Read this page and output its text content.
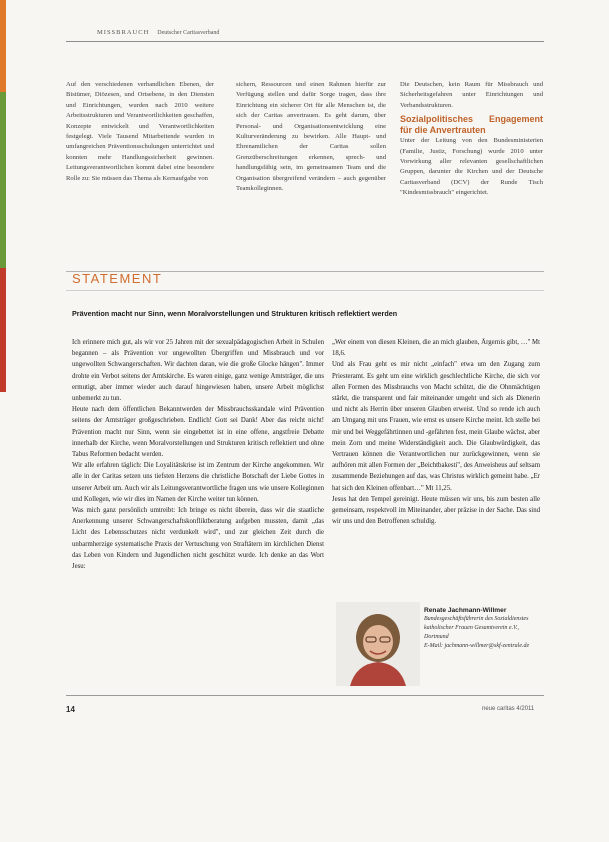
MISSBRAUCH Deutscher Caritasverband

Auf den verschiedenen verbandlichen Ebenen, der Bistümer, Diözesen, und Ortsebene, in den Diensten und Einrichtungen, wurden nach 2010 weitere Arbeitsstrukturen und Verantwortlichkeiten geschaffen, Konzepte entwickelt und Verantwortlichkeiten festgelegt. Viele Tausend Mitarbeitende wurden in umfangreichen Präventionsschulungen unterrichtet und konnten mehr Handlungssicherheit gewinnen. Leitungsverantwortlichen kommt dabei eine besondere Rolle zu: Sie müssen das Thema als Kernaufgabe von

sichern, Ressourcen und einen Rahmen hierfür zur Verfügung stellen und dafür Sorge tragen, dass ihre Einrichtung ein sicherer Ort für alle Menschen ist, die sich der Caritas anvertrauen. Es geht darum, über Personal- und Organisationsentwicklung eine Kulturveränderung zu bewirken. Alle Haupt- und Ehrenamtlichen der Caritas sollen Grenzüberschreitungen erkennen, sprech- und handlungsfähig sein, im gemeinsamen Team und die Organisation übergreifend verändern – auch gegenüber Teamkolleginnen.

Die Deutschen, kein Raum für Missbrauch und Sicherheitsgefahren unter Einrichtungen und Verbandsstrukturen.

Sozialpolitisches Engagement für die Anvertrauten

Unter der Leitung von den Bundesministerien (Familie, Justiz, Forschung) wurde 2010 unter Vorwirkung aller relevanten gesellschaftlichen Gruppen, darunter die Kirchen und der Deutsche Caritasverband (DCV) der Runde Tisch "Kindesmissbrauch" eingerichtet.

STATEMENT
Prävention macht nur Sinn, wenn Moralvorstellungen und Strukturen kritisch reflektiert werden

Ich erinnere mich gut, als wir vor 25 Jahren mit der sexualpädagogischen Arbeit in Schulen begannen – als Prävention vor ungewollten Übergriffen und Missbrauch und vor ungewollten Schwangerschaften. Wir dachten daran, wie die große Glocke hängen". Immer drohte ein Verbot seitens der Amtskirche. Es waren einige, ganz wenige Amtsträger, die uns ermutigt, aber immer wieder auch darauf hingewiesen haben, unsere Arbeit möglichst unbemerkt zu tun.

Heute nach dem öffentlichen Bekanntwerden der Missbrauchsskandale wird Prävention seitens der Amtsträger großgeschrieben. Endlich! Gott sei Dank! Aber das reicht nicht! Prävention macht nur Sinn, wenn sie eingebettet ist in eine offene, angstfreie Debatte innerhalb der Kirche, wenn Moralvorstellungen und Strukturen kritisch reflektiert und ohne Tabus Reformen bedacht werden.

Wir alle erfahren täglich: Die Loyalitätskrise ist im Zentrum der Kirche angekommen. Wir alle in der Caritas setzen uns tiefsten Herzens die christliche Botschaft der Liebe Gottes in unserer Arbeit um. Auch wir als Leitungsverantwortliche fragen uns wie unsere Kolleginnen und Kollegen, wie wir dies im Namen der Kirche weiter tun können.

Was mich ganz persönlich umtreibt: Ich bringe es nicht überein, dass wir die staatliche Anerkennung unserer Schwangerschaftskonfliktberatung aufgeben mussten, damit „das Licht des Lebensschutzes nicht verdunkelt wird", und zur gleichen Zeit durch die unbarmherzige systematische Praxis der Vertuschung von Straftätern im kirchlichen Dienst das Leben von Kindern und Jugendlichen nicht geschützt wurde. Ich denke an das Wort Jesu:

„Wer einem von diesen Kleinen, die an mich glauben, Ärgernis gibt, …" Mt 18,6.

Und als Frau geht es mir nicht „einfach" etwa um den Zugang zum Priesteramt. Es geht um eine wirklich geschlechtliche Kirche, die sich vor allen Formen des Missbrauchs von Macht schützt, die die Ohnmächtigen stärkt, die transparent und fair miteinander umgeht und sich als Dienerin und nicht als Herrin über unseren Glauben erweist. Und so rende ich auch am Umgang mit uns Frauen, wie ernst es unsere Kirche meint. Ich stelle bei mir und bei Weggefährtinnen und -gefährten fest, mein Glaube wächst, aber mein Zorn und meine Widerständigkeit auch. Die Glaubwürdigkeit, das Vertrauen können die Verantwortlichen nur zurückgewinnen, wenn sie aufhören mit allen Formen der „Beichtbakesti", des Anweisheus auf seltsam zusammende Beziehungen auf das, was Christus wirklich gemeint habe. „Er hat sich den Kleinen offenbart…" Mt 11,25.

Jesus hat den Tempel gereinigt. Heute müssen wir uns, bis zum besten alle gemeinsam, respektvoll im Miteinander, aber präzise in der Sache. Das sind wir uns und den Betroffenen schuldig.

Renate Jachmann-Willmer
Bundesgeschäftsführerin des Sozialdienstes katholischer Frauen Gesamtverein e.V., Dortmund
E-Mail: jachmann-willmer@skf-zentrale.de
14	neue caritas 4/2011
